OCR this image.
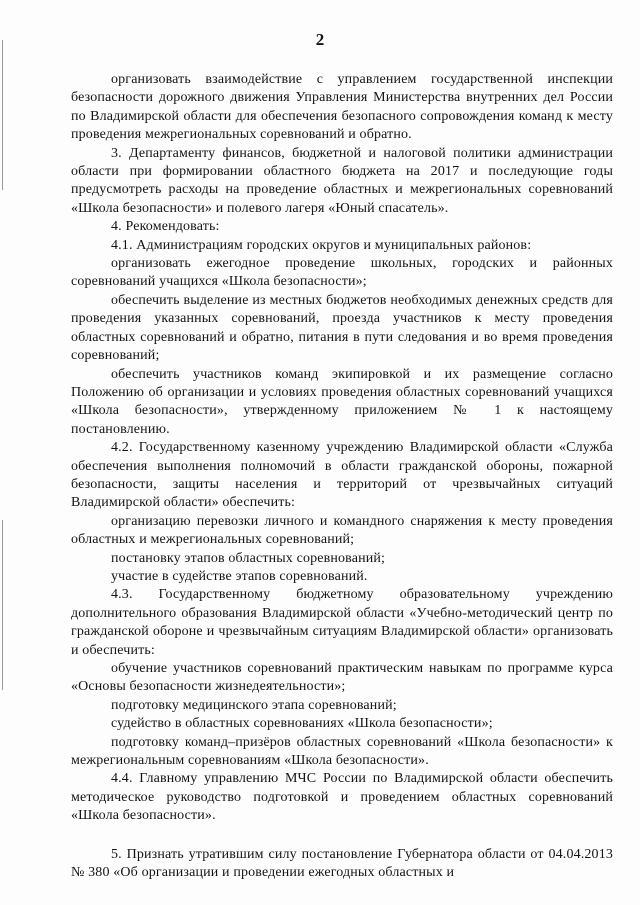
2

организовать взаимодействие с управлением государственной инспекции безопасности дорожного движения Управления Министерства внутренних дел России по Владимирской области для обеспечения безопасного сопровождения команд к месту проведения межрегиональных соревнований и обратно.

3. Департаменту финансов, бюджетной и налоговой политики администрации области при формировании областного бюджета на 2017 и последующие годы предусмотреть расходы на проведение областных и межрегиональных соревнований «Школа безопасности» и полевого лагеря «Юный спасатель».

4. Рекомендовать:

4.1. Администрациям городских округов и муниципальных районов:

организовать ежегодное проведение школьных, городских и районных соревнований учащихся «Школа безопасности»;

обеспечить выделение из местных бюджетов необходимых денежных средств для проведения указанных соревнований, проезда участников к месту проведения областных соревнований и обратно, питания в пути следования и во время проведения соревнований;

обеспечить участников команд экипировкой и их размещение согласно Положению об организации и условиях проведения областных соревнований учащихся «Школа безопасности», утвержденному приложением № 1 к настоящему постановлению.

4.2. Государственному казенному учреждению Владимирской области «Служба обеспечения выполнения полномочий в области гражданской обороны, пожарной безопасности, защиты населения и территорий от чрезвычайных ситуаций Владимирской области» обеспечить:

организацию перевозки личного и командного снаряжения к месту проведения областных и межрегиональных соревнований;

постановку этапов областных соревнований;

участие в судействе этапов соревнований.

4.3. Государственному бюджетному образовательному учреждению дополнительного образования Владимирской области «Учебно-методический центр по гражданской обороне и чрезвычайным ситуациям Владимирской области» организовать и обеспечить:

обучение участников соревнований практическим навыкам по программе курса «Основы безопасности жизнедеятельности»;

подготовку медицинского этапа соревнований;

судейство в областных соревнованиях «Школа безопасности»;

подготовку команд–призёров областных соревнований «Школа безопасности» к межрегиональным соревнованиям «Школа безопасности».

4.4. Главному управлению МЧС России по Владимирской области обеспечить методическое руководство подготовкой и проведением областных соревнований «Школа безопасности».

5. Признать утратившим силу постановление Губернатора области от 04.04.2013 № 380 «Об организации и проведении ежегодных областных и
